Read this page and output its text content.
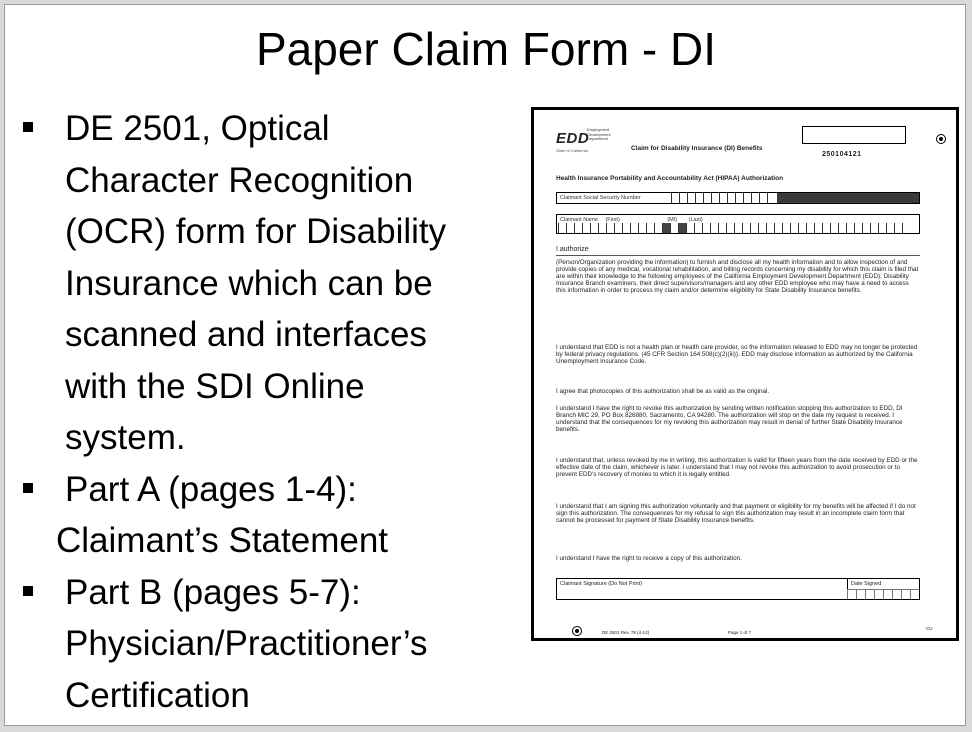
Paper Claim Form - DI
DE 2501, Optical
Character Recognition
(OCR) form for Disability
Insurance which can be
scanned and interfaces
with the SDI Online
system.
Part A (pages 1-4):
Claimant’s Statement
Part B (pages 5-7):
Physician/Practitioner’s
Certification
EDD
Employment Development Department
State of California	Claim for Disability Insurance (DI) Benefits
250104121
Health Insurance Portability and Accountability Act (HIPAA) Authorization
Claimant Social Security Number
Claimant Name (First)	(MI) (Last)
I authorize

(Person/Organization providing the information) to furnish and disclose all my health information and to allow inspection of and provide copies of any medical, vocational rehabilitation, and billing records concerning my disability for which this claim is filed that are within their knowledge to the following employees of the California Employment Development Department (EDD): Disability Insurance Branch examiners, their direct supervisors/managers and any other EDD employee who may have a need to access this information in order to process my claim and/or determine eligibility for State Disability Insurance benefits.

I understand that EDD is not a health plan or health care provider, so the information released to EDD may no longer be protected by federal privacy regulations. (45 CFR Section 164.508(c)(2)(iii)). EDD may disclose information as authorized by the California Unemployment Insurance Code.

I agree that photocopies of this authorization shall be as valid as the original.

I understand I have the right to revoke this authorization by sending written notification stopping this authorization to EDD, DI Branch MIC 29, PO Box 826880, Sacramento, CA 94280. The authorization will stop on the date my request is received. I understand that the consequences for my revoking this authorization may result in denial of further State Disability Insurance benefits.

I understand that, unless revoked by me in writing, this authorization is valid for fifteen years from the date received by EDD or the effective date of the claim, whichever is later. I understand that I may not revoke this authorization to avoid prosecution or to prevent EDD's recovery of monies to which it is legally entitled.

I understand that I am signing this authorization voluntarily and that payment or eligibility for my benefits will be affected if I do not sign this authorization. The consequences for my refusal to sign this authorization may result in an incomplete claim form that cannot be processed for payment of State Disability Insurance benefits.

I understand I have the right to receive a copy of this authorization.

Claimant Signature (Do Not Print)	Date Signed
DE 2501 Rev. 78 (4-12)	Page 1 of 7
CU
